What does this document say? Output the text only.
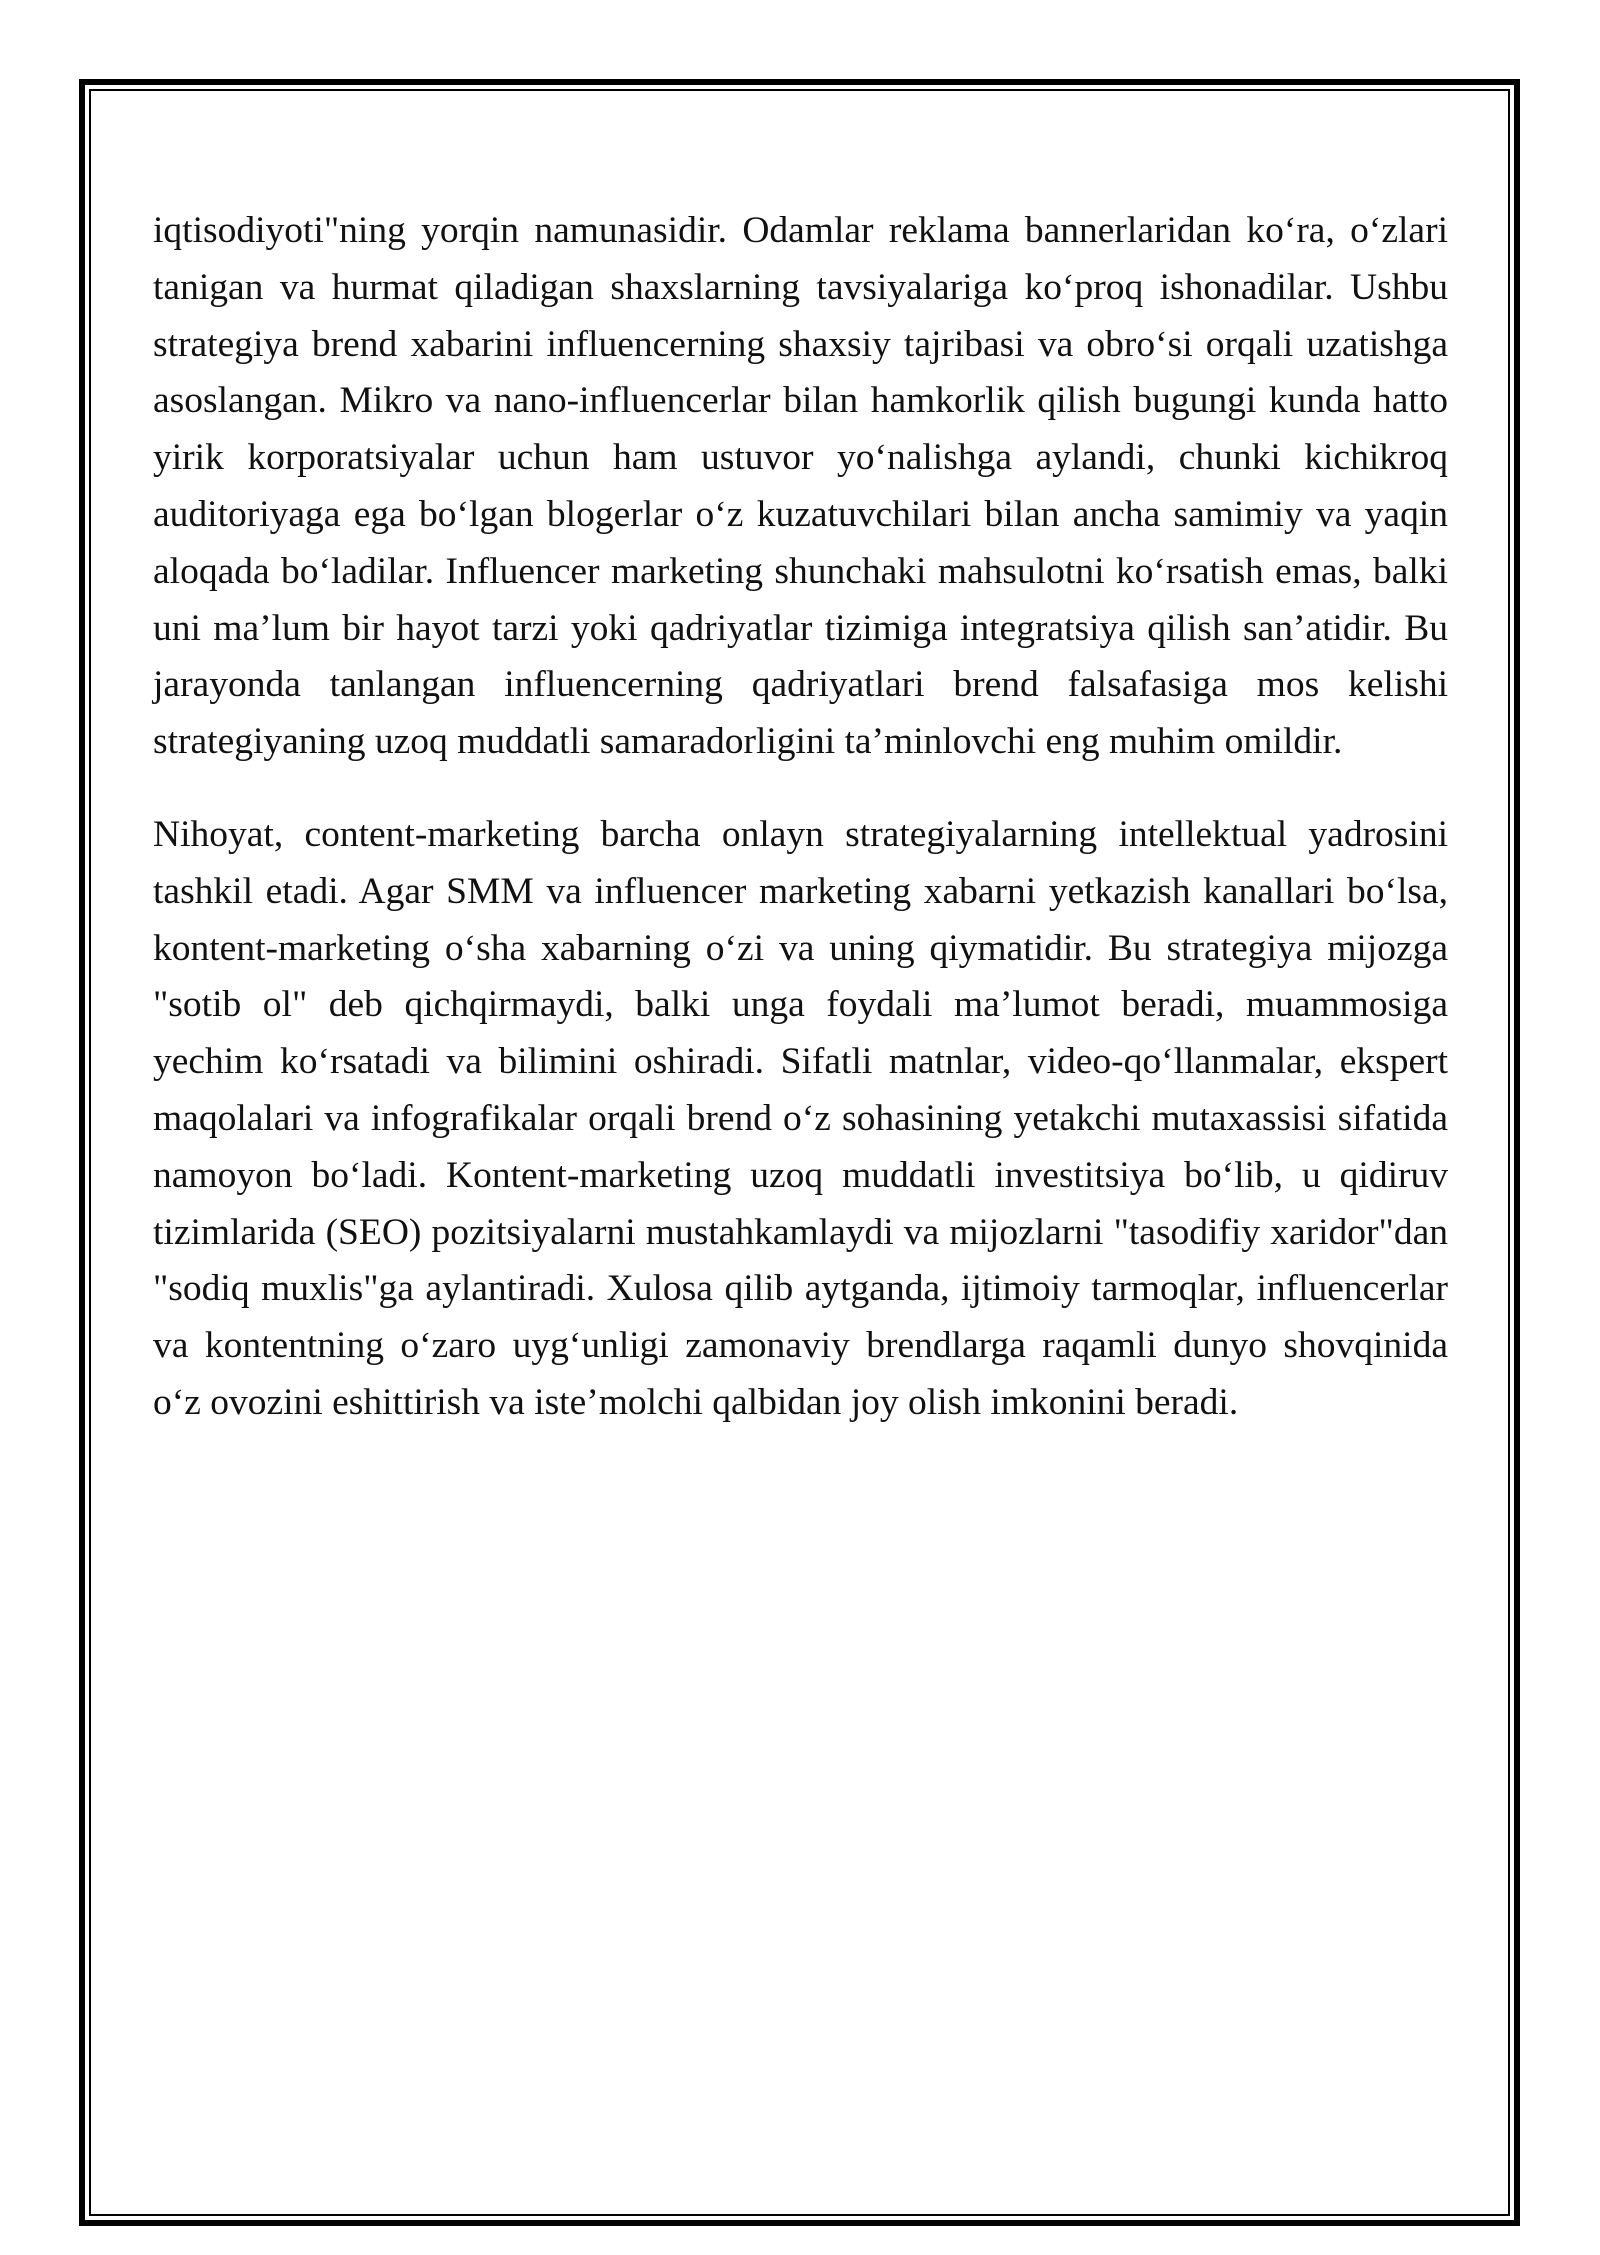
iqtisodiyoti"ning yorqin namunasidir. Odamlar reklama bannerlaridan ko‘ra, o‘zlari tanigan va hurmat qiladigan shaxslarning tavsiyalariga ko‘proq ishonadilar. Ushbu strategiya brend xabarini influencerning shaxsiy tajribasi va obro‘si orqali uzatishga asoslangan. Mikro va nano-influencerlar bilan hamkorlik qilish bugungi kunda hatto yirik korporatsiyalar uchun ham ustuvor yo‘nalishga aylandi, chunki kichikroq auditoriyaga ega bo‘lgan blogerlar o‘z kuzatuvchilari bilan ancha samimiy va yaqin aloqada bo‘ladilar. Influencer marketing shunchaki mahsulotni ko‘rsatish emas, balki uni ma’lum bir hayot tarzi yoki qadriyatlar tizimiga integratsiya qilish san’atidir. Bu jarayonda tanlangan influencerning qadriyatlari brend falsafasiga mos kelishi strategiyaning uzoq muddatli samaradorligini ta’minlovchi eng muhim omildir.

Nihoyat, content-marketing barcha onlayn strategiyalarning intellektual yadrosini tashkil etadi. Agar SMM va influencer marketing xabarni yetkazish kanallari bo‘lsa, kontent-marketing o‘sha xabarning o‘zi va uning qiymatidir. Bu strategiya mijozga "sotib ol" deb qichqirmaydi, balki unga foydali ma’lumot beradi, muammosiga yechim ko‘rsatadi va bilimini oshiradi. Sifatli matnlar, video-qo‘llanmalar, ekspert maqolalari va infografikalar orqali brend o‘z sohasining yetakchi mutaxassisi sifatida namoyon bo‘ladi. Kontent-marketing uzoq muddatli investitsiya bo‘lib, u qidiruv tizimlarida (SEO) pozitsiyalarni mustahkamlaydi va mijozlarni "tasodifiy xaridor"dan "sodiq muxlis"ga aylantiradi. Xulosa qilib aytganda, ijtimoiy tarmoqlar, influencerlar va kontentning o‘zaro uyg‘unligi zamonaviy brendlarga raqamli dunyo shovqinida o‘z ovozini eshittirish va iste’molchi qalbidan joy olish imkonini beradi.
